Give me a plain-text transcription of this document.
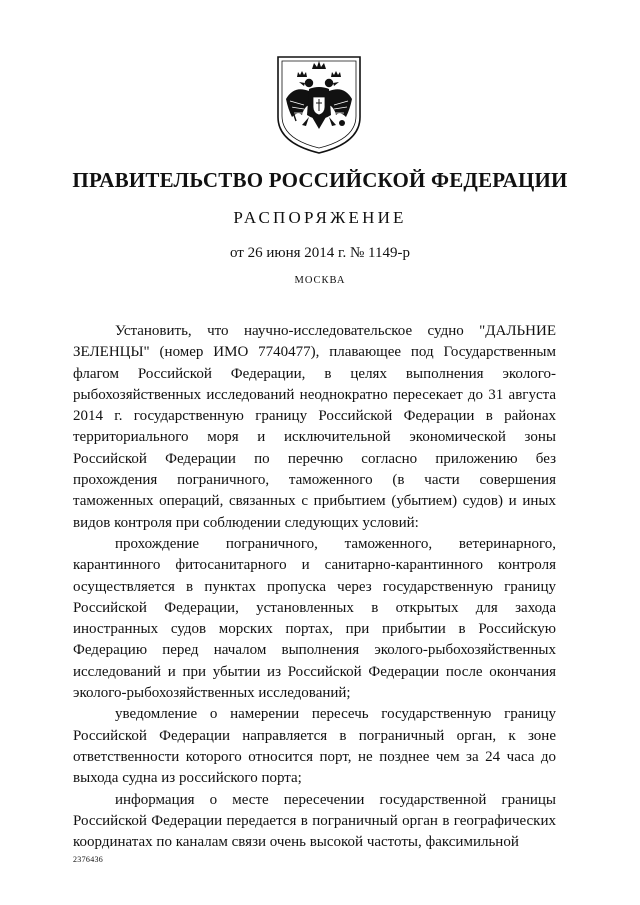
ПРАВИТЕЛЬСТВО РОССИЙСКОЙ ФЕДЕРАЦИИ
РАСПОРЯЖЕНИЕ
от 26 июня 2014 г. № 1149-р
МОСКВА

Установить, что научно-исследовательское судно "ДАЛЬНИЕ ЗЕЛЕНЦЫ" (номер ИМО 7740477), плавающее под Государственным флагом Российской Федерации, в целях выполнения эколого-рыбохозяйственных исследований неоднократно пересекает до 31 августа 2014 г. государственную границу Российской Федерации в районах территориального моря и исключительной экономической зоны Российской Федерации по перечню согласно приложению без прохождения пограничного, таможенного (в части совершения таможенных операций, связанных с прибытием (убытием) судов) и иных видов контроля при соблюдении следующих условий:

прохождение пограничного, таможенного, ветеринарного, карантинного фитосанитарного и санитарно-карантинного контроля осуществляется в пунктах пропуска через государственную границу Российской Федерации, установленных в открытых для захода иностранных судов морских портах, при прибытии в Российскую Федерацию перед началом выполнения эколого-рыбохозяйственных исследований и при убытии из Российской Федерации после окончания эколого-рыбохозяйственных исследований;

уведомление о намерении пересечь государственную границу Российской Федерации направляется в пограничный орган, к зоне ответственности которого относится порт, не позднее чем за 24 часа до выхода судна из российского порта;

информация о месте пересечении государственной границы Российской Федерации передается в пограничный орган в географических координатах по каналам связи очень высокой частоты, факсимильной

2376436
